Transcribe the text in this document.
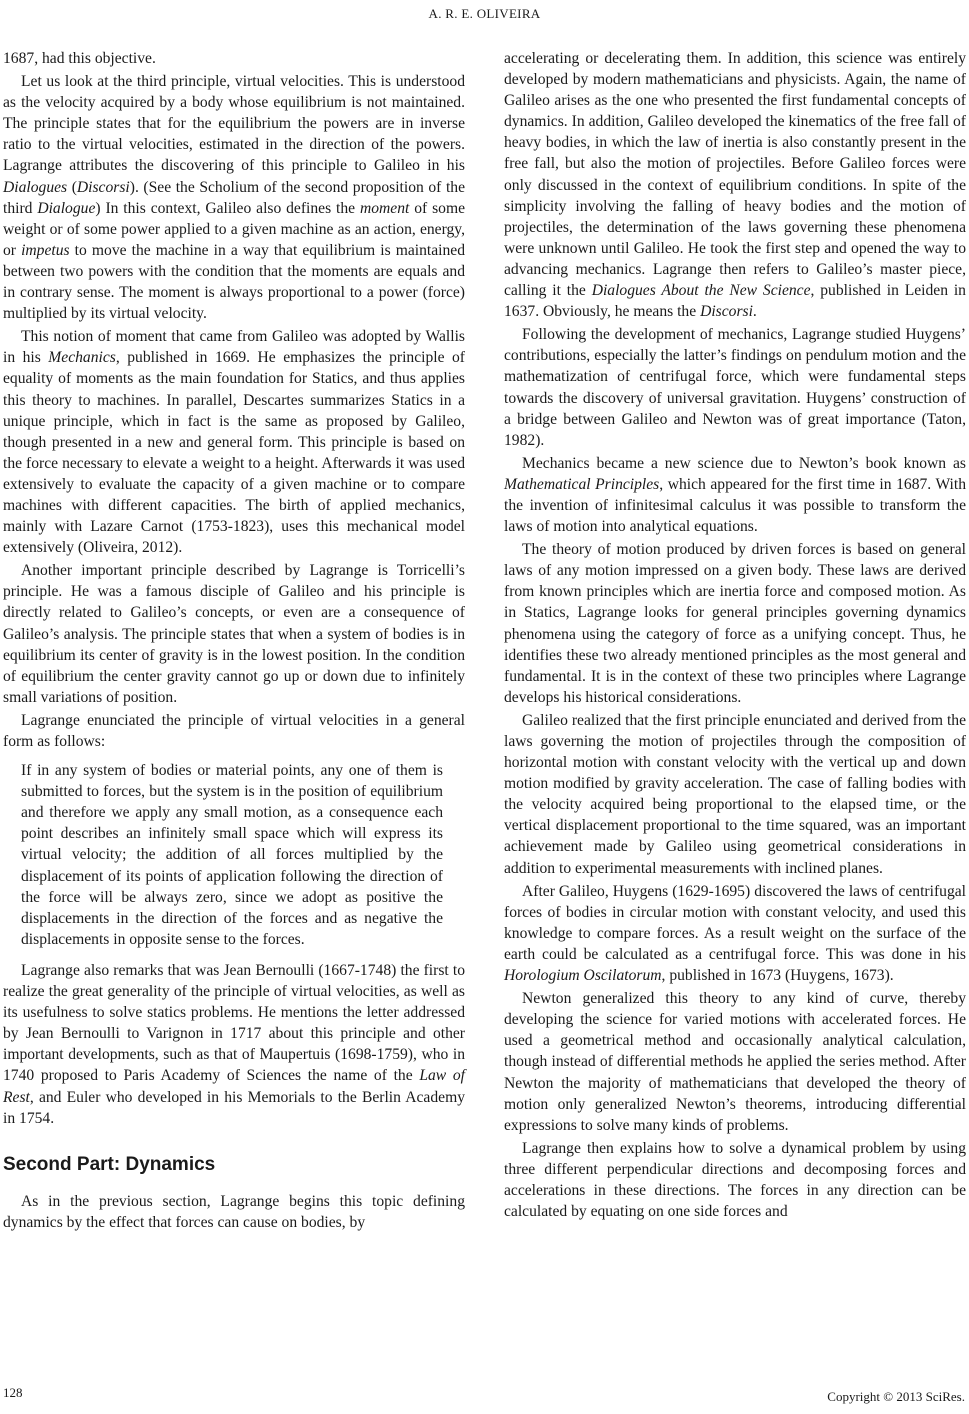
A. R. E. OLIVEIRA

1687, had this objective.

Let us look at the third principle, virtual velocities. This is understood as the velocity acquired by a body whose equilibrium is not maintained. The principle states that for the equilibrium the powers are in inverse ratio to the virtual velocities, estimated in the direction of the powers. Lagrange attributes the discovering of this principle to Galileo in his Dialogues (Discorsi). (See the Scholium of the second proposition of the third Dialogue) In this context, Galileo also defines the moment of some weight or of some power applied to a given machine as an action, energy, or impetus to move the machine in a way that equilibrium is maintained between two powers with the condition that the moments are equals and in contrary sense. The moment is always proportional to a power (force) multiplied by its virtual velocity.

This notion of moment that came from Galileo was adopted by Wallis in his Mechanics, published in 1669. He emphasizes the principle of equality of moments as the main foundation for Statics, and thus applies this theory to machines. In parallel, Descartes summarizes Statics in a unique principle, which in fact is the same as proposed by Galileo, though presented in a new and general form. This principle is based on the force necessary to elevate a weight to a height. Afterwards it was used extensively to evaluate the capacity of a given machine or to compare machines with different capacities. The birth of applied mechanics, mainly with Lazare Carnot (1753-1823), uses this mechanical model extensively (Oliveira, 2012).

Another important principle described by Lagrange is Torricelli’s principle. He was a famous disciple of Galileo and his principle is directly related to Galileo’s concepts, or even are a consequence of Galileo’s analysis. The principle states that when a system of bodies is in equilibrium its center of gravity is in the lowest position. In the condition of equilibrium the center gravity cannot go up or down due to infinitely small variations of position.

Lagrange enunciated the principle of virtual velocities in a general form as follows:

If in any system of bodies or material points, any one of them is submitted to forces, but the system is in the position of equilibrium and therefore we apply any small motion, as a consequence each point describes an infinitely small space which will express its virtual velocity; the addition of all forces multiplied by the displacement of its points of application following the direction of the force will be always zero, since we adopt as positive the displacements in the direction of the forces and as negative the displacements in opposite sense to the forces.

Lagrange also remarks that was Jean Bernoulli (1667-1748) the first to realize the great generality of the principle of virtual velocities, as well as its usefulness to solve statics problems. He mentions the letter addressed by Jean Bernoulli to Varignon in 1717 about this principle and other important developments, such as that of Maupertuis (1698-1759), who in 1740 proposed to Paris Academy of Sciences the name of the Law of Rest, and Euler who developed in his Memorials to the Berlin Academy in 1754.

Second Part: Dynamics

As in the previous section, Lagrange begins this topic defining dynamics by the effect that forces can cause on bodies, by

accelerating or decelerating them. In addition, this science was entirely developed by modern mathematicians and physicists. Again, the name of Galileo arises as the one who presented the first fundamental concepts of dynamics. In addition, Galileo developed the kinematics of the free fall of heavy bodies, in which the law of inertia is also constantly present in the free fall, but also the motion of projectiles. Before Galileo forces were only discussed in the context of equilibrium conditions. In spite of the simplicity involving the falling of heavy bodies and the motion of projectiles, the determination of the laws governing these phenomena were unknown until Galileo. He took the first step and opened the way to advancing mechanics. Lagrange then refers to Galileo’s master piece, calling it the Dialogues About the New Science, published in Leiden in 1637. Obviously, he means the Discorsi.

Following the development of mechanics, Lagrange studied Huygens’ contributions, especially the latter’s findings on pendulum motion and the mathematization of centrifugal force, which were fundamental steps towards the discovery of universal gravitation. Huygens’ construction of a bridge between Galileo and Newton was of great importance (Taton, 1982).

Mechanics became a new science due to Newton’s book known as Mathematical Principles, which appeared for the first time in 1687. With the invention of infinitesimal calculus it was possible to transform the laws of motion into analytical equations.

The theory of motion produced by driven forces is based on general laws of any motion impressed on a given body. These laws are derived from known principles which are inertia force and composed motion. As in Statics, Lagrange looks for general principles governing dynamics phenomena using the category of force as a unifying concept. Thus, he identifies these two already mentioned principles as the most general and fundamental. It is in the context of these two principles where Lagrange develops his historical considerations.

Galileo realized that the first principle enunciated and derived from the laws governing the motion of projectiles through the composition of horizontal motion with constant velocity with the vertical up and down motion modified by gravity acceleration. The case of falling bodies with the velocity acquired being proportional to the elapsed time, or the vertical displacement proportional to the time squared, was an important achievement made by Galileo using geometrical considerations in addition to experimental measurements with inclined planes.

After Galileo, Huygens (1629-1695) discovered the laws of centrifugal forces of bodies in circular motion with constant velocity, and used this knowledge to compare forces. As a result weight on the surface of the earth could be calculated as a centrifugal force. This was done in his Horologium Oscilatorum, published in 1673 (Huygens, 1673).

Newton generalized this theory to any kind of curve, thereby developing the science for varied motions with accelerated forces. He used a geometrical method and occasionally analytical calculation, though instead of differential methods he applied the series method. After Newton the majority of mathematicians that developed the theory of motion only generalized Newton’s theorems, introducing differential expressions to solve many kinds of problems.

Lagrange then explains how to solve a dynamical problem by using three different perpendicular directions and decomposing forces and accelerations in these directions. The forces in any direction can be calculated by equating on one side forces and

128	Copyright © 2013 SciRes.
